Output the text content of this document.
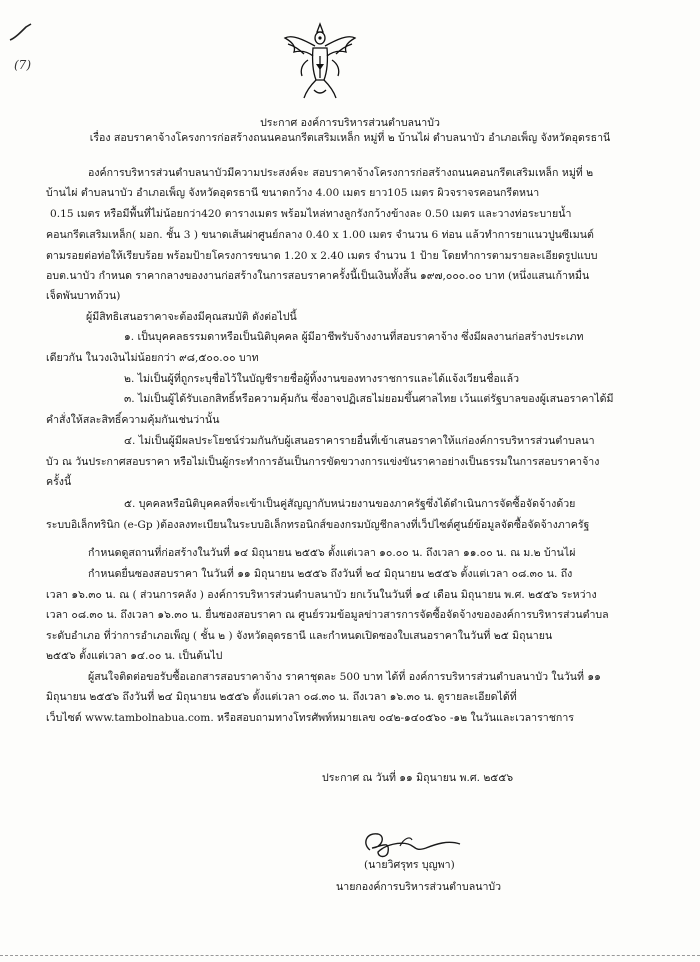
(7)
ประกาศ องค์การบริหารส่วนตำบลนาบัว
เรื่อง สอบราคาจ้างโครงการก่อสร้างถนนคอนกรีตเสริมเหล็ก หมู่ที่ ๒ บ้านไผ่ ตำบลนาบัว อำเภอเพ็ญ จังหวัดอุดรธานี
องค์การบริหารส่วนตำบลนาบัวมีความประสงค์จะ สอบราคาจ้างโครงการก่อสร้างถนนคอนกรีตเสริมเหล็ก หมู่ที่ ๒
บ้านไผ่ ตำบลนาบัว อำเภอเพ็ญ จังหวัดอุดรธานี ขนาดกว้าง 4.00 เมตร ยาว105 เมตร ผิวจราจรคอนกรีตหนา
0.15 เมตร หรือมีพื้นที่ไม่น้อยกว่า420 ตารางเมตร พร้อมไหล่ทางลูกรังกว้างข้างละ 0.50 เมตร และวางท่อระบายน้ำ
คอนกรีตเสริมเหล็ก( มอก. ชั้น 3 ) ขนาดเส้นผ่าศูนย์กลาง 0.40 x 1.00 เมตร จำนวน 6 ท่อน แล้วทำการยาแนวปูนซีเมนต์
ตามรอยต่อท่อให้เรียบร้อย พร้อมป้ายโครงการขนาด 1.20 x 2.40 เมตร จำนวน 1 ป้าย โดยทำการตามรายละเอียดรูปแบบ
อบต.นาบัว กำหนด ราคากลางของงานก่อสร้างในการสอบราคาครั้งนี้เป็นเงินทั้งสิ้น ๑๙๗,๐๐๐.๐๐ บาท (หนึ่งแสนเก้าหมื่น
เจ็ดพันบาทถ้วน)
ผู้มีสิทธิเสนอราคาจะต้องมีคุณสมบัติ ดังต่อไปนี้
๑. เป็นบุคคลธรรมดาหรือเป็นนิติบุคคล ผู้มีอาชีพรับจ้างงานที่สอบราคาจ้าง ซึ่งมีผลงานก่อสร้างประเภท
เดียวกัน ในวงเงินไม่น้อยกว่า ๙๘,๕๐๐.๐๐ บาท
๒. ไม่เป็นผู้ที่ถูกระบุชื่อไว้ในบัญชีรายชื่อผู้ทิ้งงานของทางราชการและได้แจ้งเวียนชื่อแล้ว
๓. ไม่เป็นผู้ได้รับเอกสิทธิ์หรือความคุ้มกัน ซึ่งอาจปฏิเสธไม่ยอมขึ้นศาลไทย เว้นแต่รัฐบาลของผู้เสนอราคาได้มี
คำสั่งให้สละสิทธิ์ความคุ้มกันเช่นว่านั้น
๔. ไม่เป็นผู้มีผลประโยชน์ร่วมกันกับผู้เสนอราคารายอื่นที่เข้าเสนอราคาให้แก่องค์การบริหารส่วนตำบลนา
บัว ณ วันประกาศสอบราคา หรือไม่เป็นผู้กระทำการอันเป็นการขัดขวางการแข่งขันราคาอย่างเป็นธรรมในการสอบราคาจ้าง
ครั้งนี้
๕. บุคคลหรือนิติบุคคลที่จะเข้าเป็นคู่สัญญากับหน่วยงานของภาครัฐซึ่งได้ดำเนินการจัดซื้อจัดจ้างด้วย
ระบบอิเล็กทรินิก (e-Gp )ต้องลงทะเบียนในระบบอิเล็กทรอนิกส์ของกรมบัญชีกลางที่เว็ปไซต์ศูนย์ข้อมูลจัดซื้อจัดจ้างภาครัฐ
กำหนดดูสถานที่ก่อสร้างในวันที่ ๑๔ มิถุนายน ๒๕๕๖ ตั้งแต่เวลา ๑๐.๐๐ น. ถึงเวลา ๑๑.๐๐ น. ณ ม.๒ บ้านไผ่
กำหนดยื่นซองสอบราคา ในวันที่ ๑๑ มิถุนายน ๒๕๕๖ ถึงวันที่ ๒๔ มิถุนายน ๒๕๕๖ ตั้งแต่เวลา ๐๘.๓๐ น. ถึง
เวลา ๑๖.๓๐ น. ณ ( ส่วนการคลัง ) องค์การบริหารส่วนตำบลนาบัว ยกเว้นในวันที่ ๑๔ เดือน มิถุนายน พ.ศ. ๒๕๕๖ ระหว่าง
เวลา ๐๘.๓๐ น. ถึงเวลา ๑๖.๓๐ น. ยื่นซองสอบราคา ณ ศูนย์รวมข้อมูลข่าวสารการจัดซื้อจัดจ้างขององค์การบริหารส่วนตำบล
ระดับอำเภอ ที่ว่าการอำเภอเพ็ญ ( ชั้น ๒ ) จังหวัดอุดรธานี และกำหนดเปิดซองใบเสนอราคาในวันที่ ๒๕ มิถุนายน
๒๕๕๖ ตั้งแต่เวลา ๑๔.๐๐ น. เป็นต้นไป
ผู้สนใจติดต่อขอรับซื้อเอกสารสอบราคาจ้าง ราคาชุดละ 500 บาท ได้ที่ องค์การบริหารส่วนตำบลนาบัว ในวันที่ ๑๑
มิถุนายน ๒๕๕๖ ถึงวันที่ ๒๔ มิถุนายน ๒๕๕๖ ตั้งแต่เวลา ๐๘.๓๐ น. ถึงเวลา ๑๖.๓๐ น. ดูรายละเอียดได้ที่
เว็บไซต์ www.tambolnabua.com. หรือสอบถามทางโทรศัพท์หมายเลข ๐๔๒-๑๔๐๕๖๐ -๑๒ ในวันและเวลาราชการ
ประกาศ ณ วันที่ ๑๑ มิถุนายน พ.ศ. ๒๕๕๖
(นายวิศรุทร บุญพา)
นายกองค์การบริหารส่วนตำบลนาบัว
